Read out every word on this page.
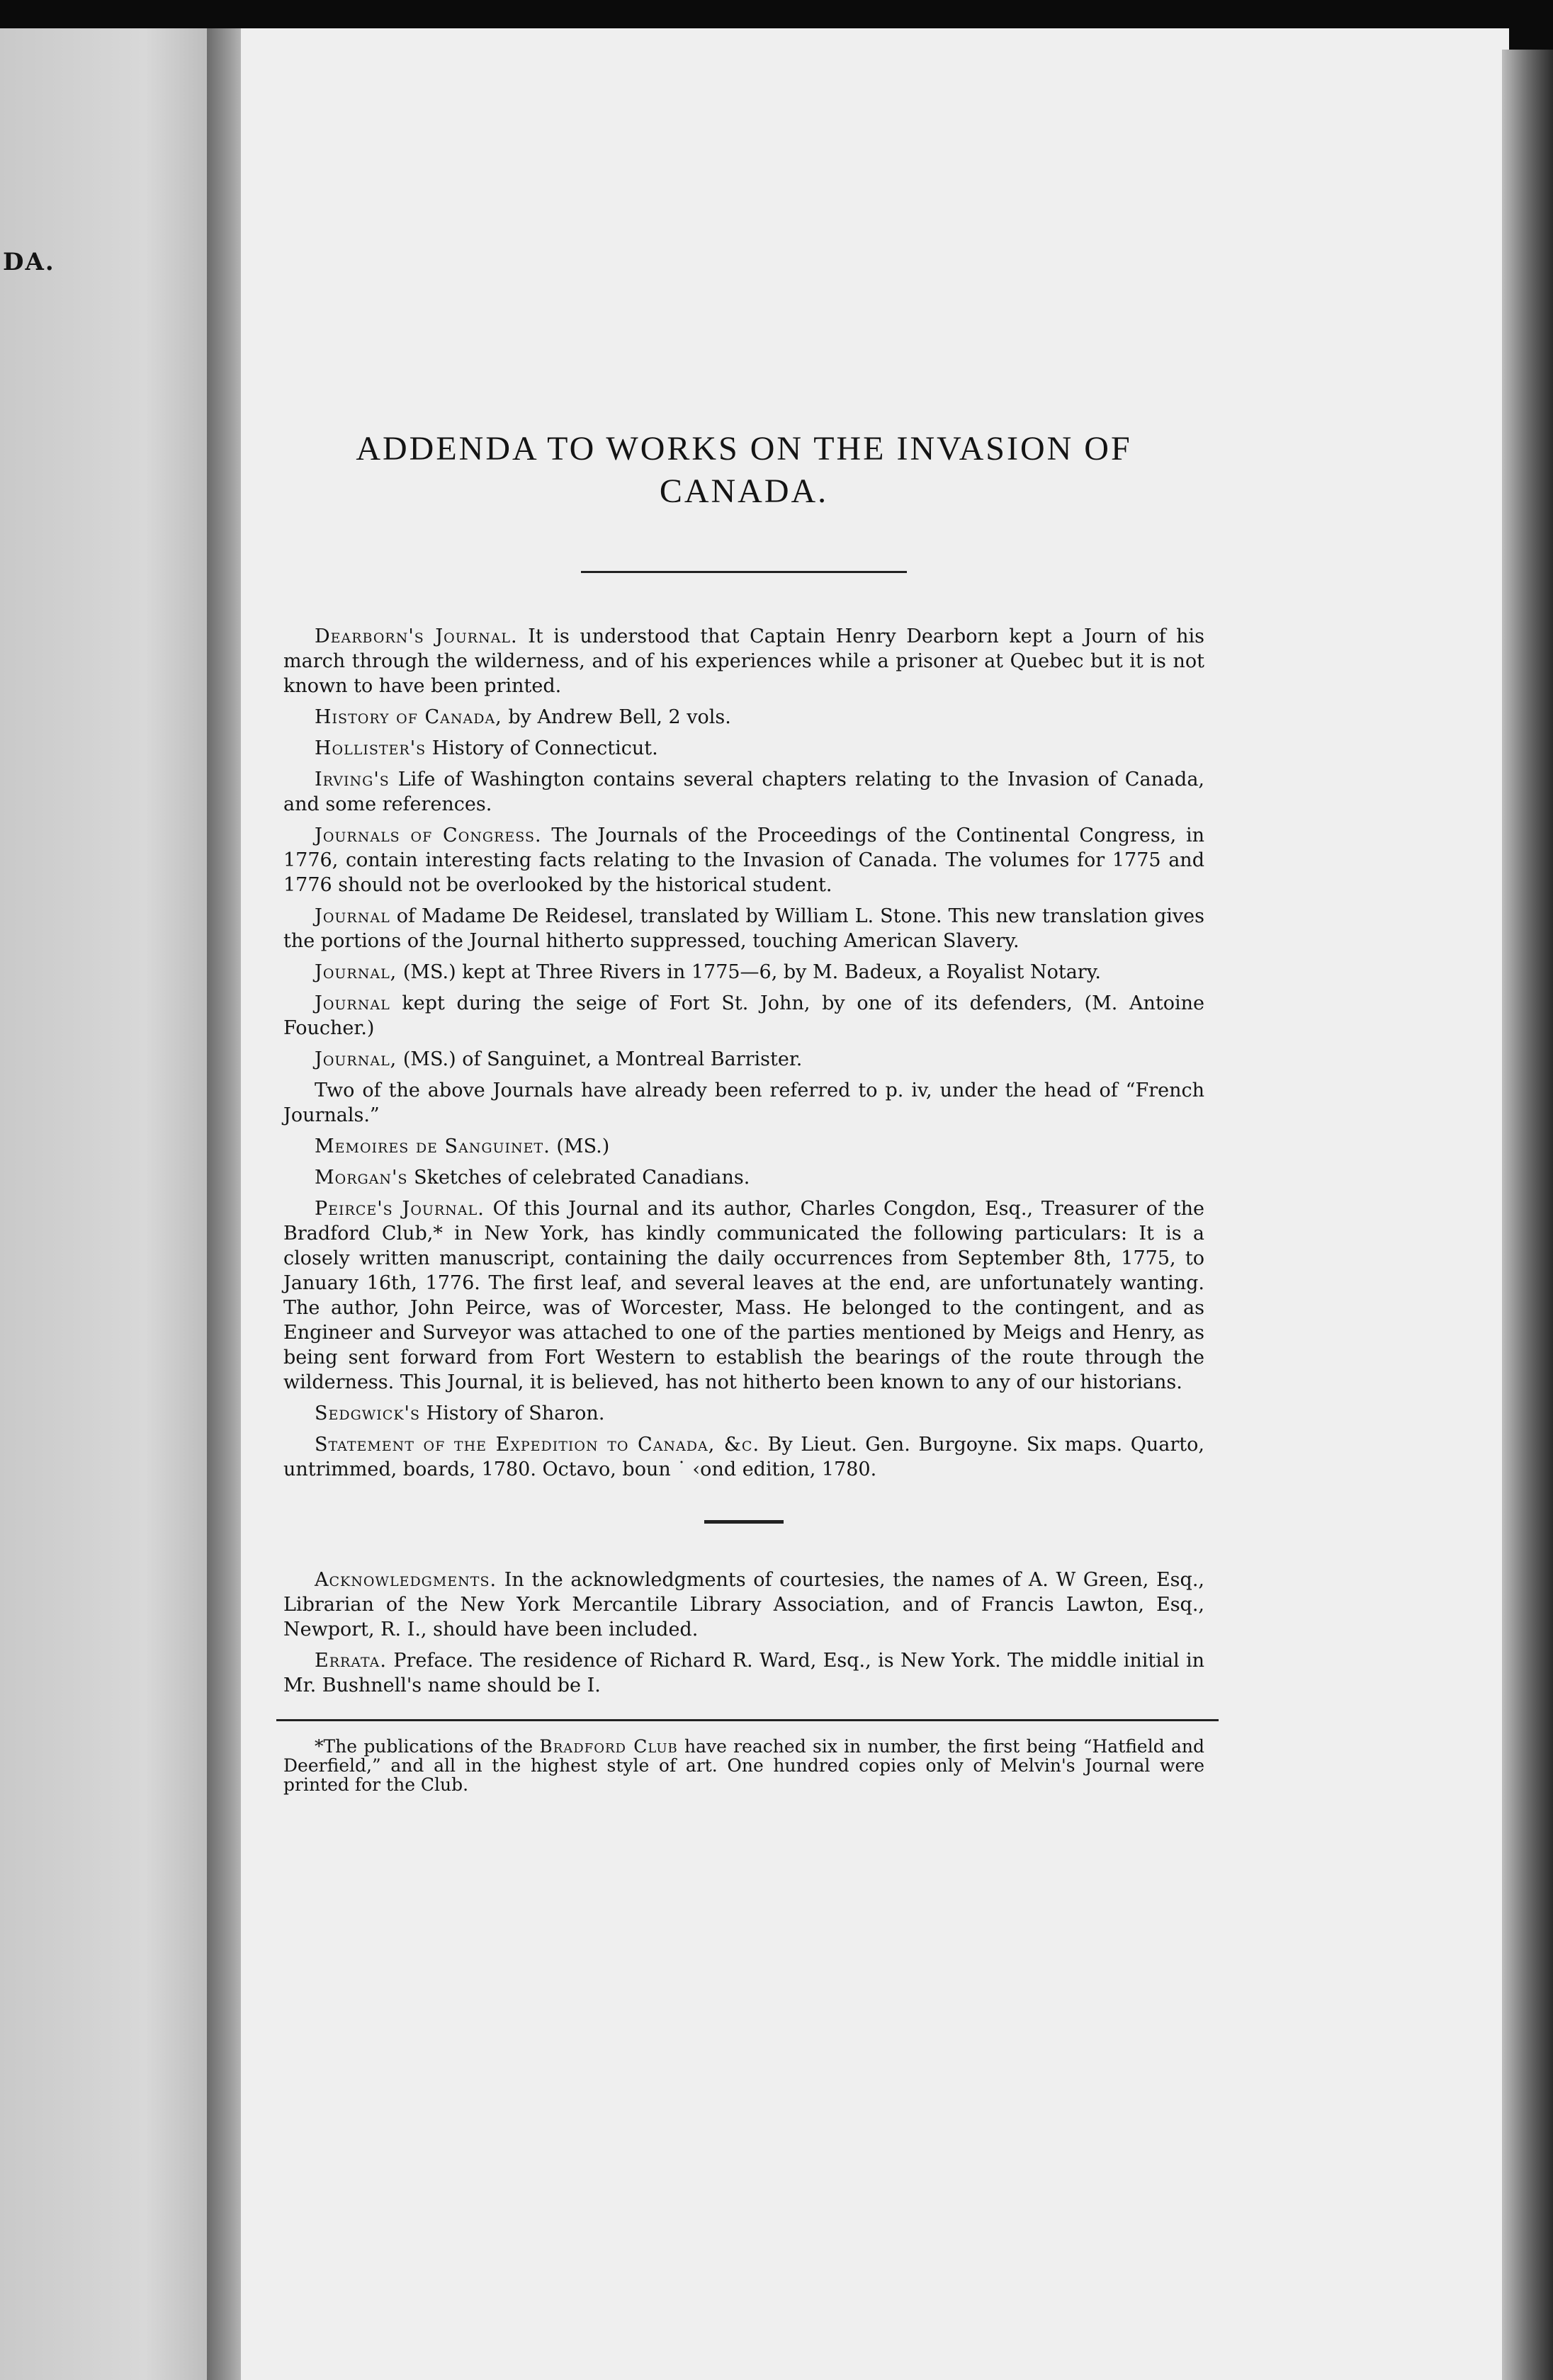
DA.
ADDENDA TO WORKS ON THE INVASION OF CANADA.

Dearborn's Journal. It is understood that Captain Henry Dearborn kept a Journ of his march through the wilderness, and of his experiences while a prisoner at Quebec but it is not known to have been printed.

History of Canada, by Andrew Bell, 2 vols.

Hollister's History of Connecticut.

Irving's Life of Washington contains several chapters relating to the Invasion of Canada, and some references.

Journals of Congress. The Journals of the Proceedings of the Continental Congress, in 1776, contain interesting facts relating to the Invasion of Canada. The volumes for 1775 and 1776 should not be overlooked by the historical student.

Journal of Madame De Reidesel, translated by William L. Stone. This new translation gives the portions of the Journal hitherto suppressed, touching American Slavery.

Journal, (MS.) kept at Three Rivers in 1775—6, by M. Badeux, a Royalist Notary.

Journal kept during the seige of Fort St. John, by one of its defenders, (M. Antoine Foucher.)

Journal, (MS.) of Sanguinet, a Montreal Barrister.

Two of the above Journals have already been referred to p. iv, under the head of “French Journals.”

Memoires de Sanguinet. (MS.)

Morgan's Sketches of celebrated Canadians.

Peirce's Journal. Of this Journal and its author, Charles Congdon, Esq., Treasurer of the Bradford Club,* in New York, has kindly communicated the following particulars: It is a closely written manuscript, containing the daily occurrences from September 8th, 1775, to January 16th, 1776. The first leaf, and several leaves at the end, are unfortunately wanting. The author, John Peirce, was of Worcester, Mass. He belonged to the contingent, and as Engineer and Surveyor was attached to one of the parties mentioned by Meigs and Henry, as being sent forward from Fort Western to establish the bearings of the route through the wilderness. This Journal, it is believed, has not hitherto been known to any of our historians.

Sedgwick's History of Sharon.

Statement of the Expedition to Canada, &c. By Lieut. Gen. Burgoyne. Six maps. Quarto, untrimmed, boards, 1780. Octavo, boun ˙ ‹ond edition, 1780.

Acknowledgments. In the acknowledgments of courtesies, the names of A. W Green, Esq., Librarian of the New York Mercantile Library Association, and of Francis Lawton, Esq., Newport, R. I., should have been included.

Errata. Preface. The residence of Richard R. Ward, Esq., is New York. The middle initial in Mr. Bushnell's name should be I.

*The publications of the Bradford Club have reached six in number, the first being “Hatfield and Deerfield,” and all in the highest style of art. One hundred copies only of Melvin's Journal were printed for the Club.
